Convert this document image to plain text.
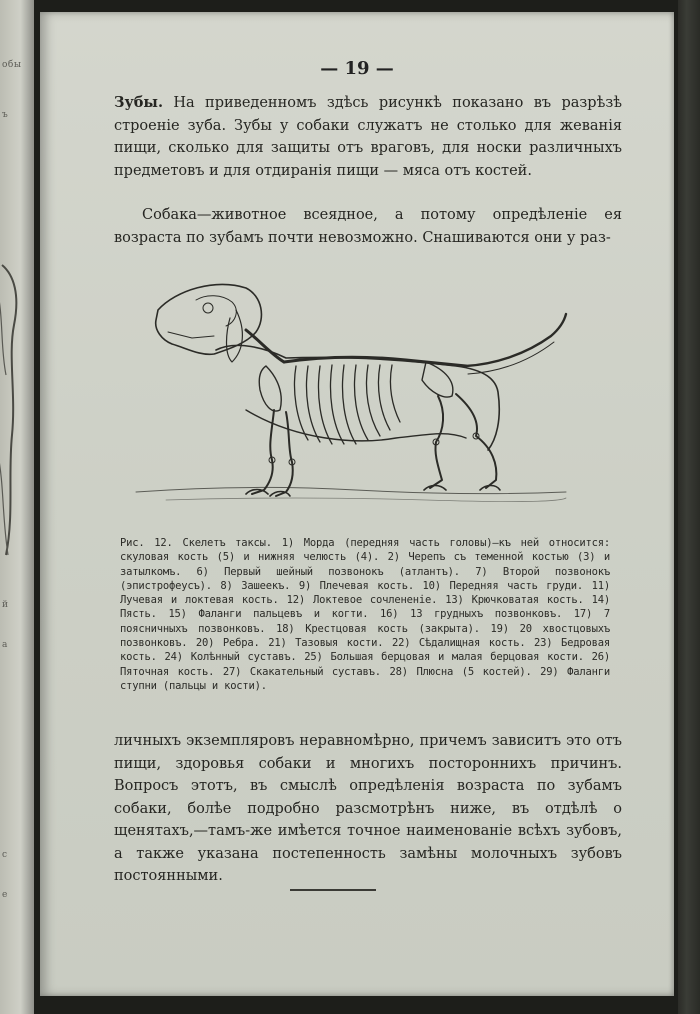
обы
ъ
й
а
с
е
— 19 —

Зубы. На приведенномъ здѣсь рисункѣ показано въ разрѣзѣ строеніе зуба. Зубы у собаки служатъ не столько для жеванія пищи, сколько для защиты отъ враговъ, для носки различныхъ предметовъ и для отдиранія пищи — мяса отъ костей.

Собака—животное всеядное, а потому опредѣленіе ея возраста по зубамъ почти невозможно. Снашиваются они у раз-

Рис. 12. Скелетъ таксы. 1) Морда (передняя часть головы)—къ ней относится: скуловая кость (5) и нижняя челюсть (4). 2) Черепъ съ теменной костью (3) и затылкомъ. 6) Первый шейный позвонокъ (атлантъ). 7) Второй позвонокъ (эпистрофеусъ). 8) Зашеекъ. 9) Плечевая кость. 10) Передняя часть груди. 11) Лучевая и локтевая кость. 12) Локтевое сочлененіе. 13) Крючковатая кость. 14) Пясть. 15) Фаланги пальцевъ и когти. 16) 13 грудныхъ позвонковъ. 17) 7 поясничныхъ позвонковъ. 18) Крестцовая кость (закрыта). 19) 20 хвостцовыхъ позвонковъ. 20) Ребра. 21) Тазовыя кости. 22) Сѣдалищная кость. 23) Бедровая кость. 24) Колѣнный суставъ. 25) Большая берцовая и малая берцовая кости. 26) Пяточная кость. 27) Скакательный суставъ. 28) Плюсна (5 костей). 29) Фаланги ступни (пальцы и кости).

личныхъ экземпляровъ неравномѣрно, причемъ зависитъ это отъ пищи, здоровья собаки и многихъ постороннихъ причинъ. Вопросъ этотъ, въ смыслѣ опредѣленія возраста по зубамъ собаки, болѣе подробно разсмотрѣнъ ниже, въ отдѣлѣ о щенятахъ,—тамъ-же имѣется точное наименованіе всѣхъ зубовъ, а также указана постепенность замѣны молочныхъ зубовъ постоянными.
